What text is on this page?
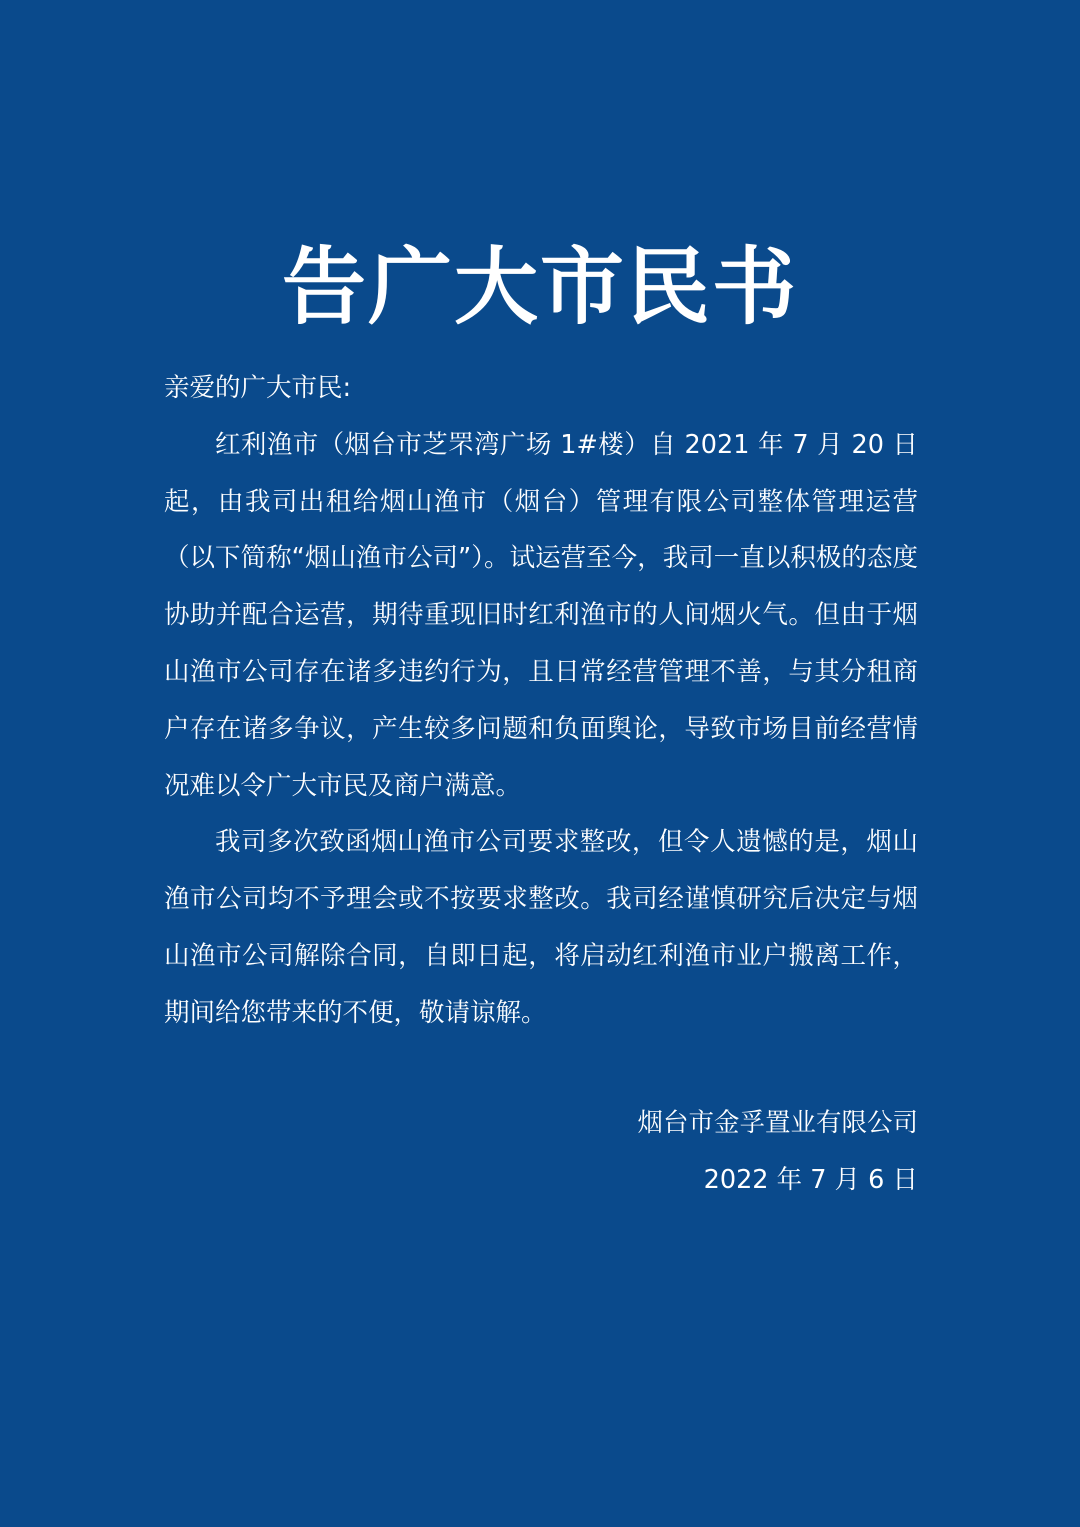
告广大市民书

亲爱的广大市民:

红利渔市（烟台市芝罘湾广场 1#楼）自 2021 年 7 月 20 日起，由我司出租给烟山渔市（烟台）管理有限公司整体管理运营（以下简称“烟山渔市公司”）。试运营至今，我司一直以积极的态度协助并配合运营，期待重现旧时红利渔市的人间烟火气。但由于烟山渔市公司存在诸多违约行为，且日常经营管理不善，与其分租商户存在诸多争议，产生较多问题和负面舆论，导致市场目前经营情况难以令广大市民及商户满意。

我司多次致函烟山渔市公司要求整改，但令人遗憾的是，烟山渔市公司均不予理会或不按要求整改。我司经谨慎研究后决定与烟山渔市公司解除合同，自即日起，将启动红利渔市业户搬离工作，期间给您带来的不便，敬请谅解。

烟台市金孚置业有限公司
2022 年 7 月 6 日
